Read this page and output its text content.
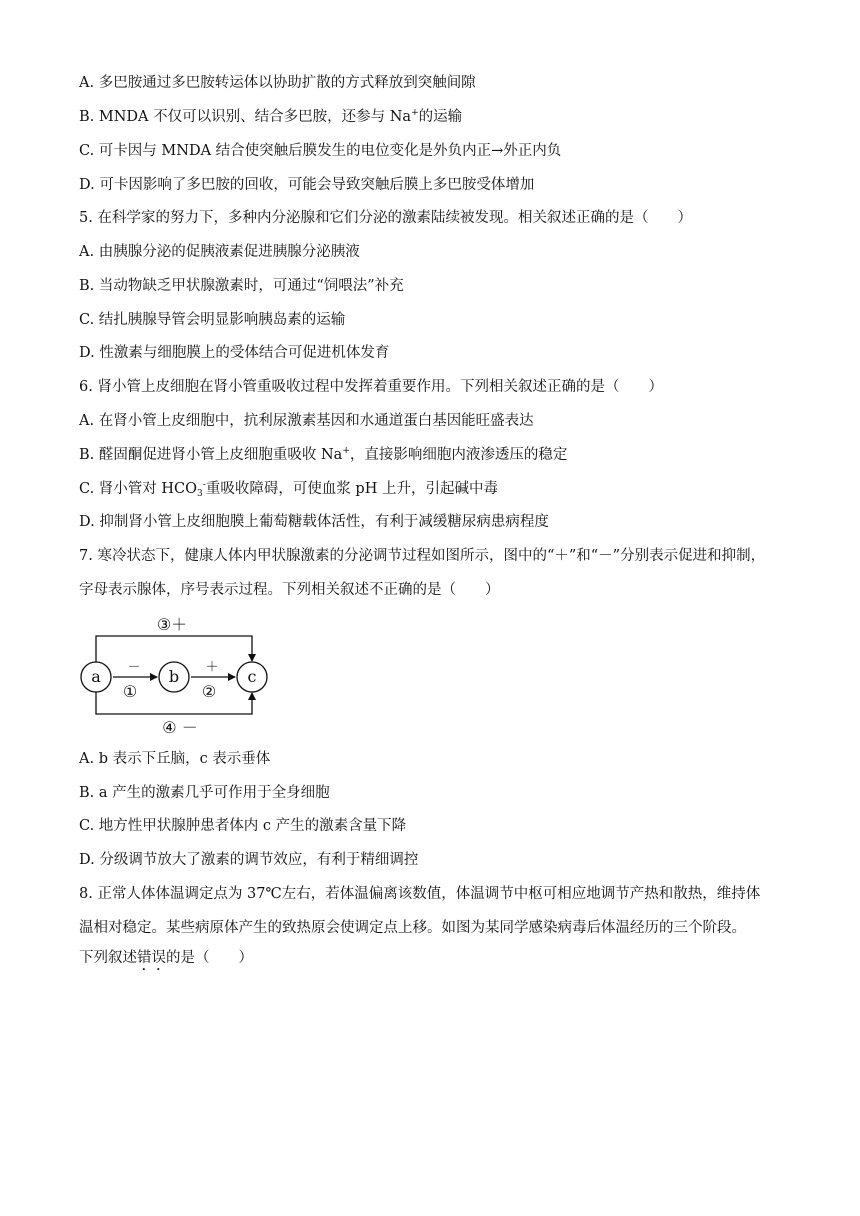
A. 多巴胺通过多巴胺转运体以协助扩散的方式释放到突触间隙
B. MNDA 不仅可以识别、结合多巴胺，还参与 Na+的运输
C. 可卡因与 MNDA 结合使突触后膜发生的电位变化是外负内正→外正内负
D. 可卡因影响了多巴胺的回收，可能会导致突触后膜上多巴胺受体增加
5. 在科学家的努力下，多种内分泌腺和它们分泌的激素陆续被发现。相关叙述正确的是（　　）
A. 由胰腺分泌的促胰液素促进胰腺分泌胰液
B. 当动物缺乏甲状腺激素时，可通过“饲喂法”补充
C. 结扎胰腺导管会明显影响胰岛素的运输
D. 性激素与细胞膜上的受体结合可促进机体发育
6. 肾小管上皮细胞在肾小管重吸收过程中发挥着重要作用。下列相关叙述正确的是（　　）
A. 在肾小管上皮细胞中，抗利尿激素基因和水通道蛋白基因能旺盛表达
B. 醛固酮促进肾小管上皮细胞重吸收 Na+，直接影响细胞内液渗透压的稳定
C. 肾小管对 $HCO_3^-$重吸收障碍，可使血浆 pH 上升，引起碱中毒
D. 抑制肾小管上皮细胞膜上葡萄糖载体活性，有利于减缓糖尿病患病程度
7. 寒冷状态下，健康人体内甲状腺激素的分泌调节过程如图所示，图中的“＋”和“－”分别表示促进和抑制，
字母表示腺体，序号表示过程。下列相关叙述不正确的是（　　）
a	b	c
③＋
－
①
＋
②
④ －
A. b 表示下丘脑，c 表示垂体
B. a 产生的激素几乎可作用于全身细胞
C. 地方性甲状腺肿患者体内 c 产生的激素含量下降
D. 分级调节放大了激素的调节效应，有利于精细调控
8. 正常人体体温调定点为 37℃左右，若体温偏离该数值，体温调节中枢可相应地调节产热和散热，维持体
温相对稳定。某些病原体产生的致热原会使调定点上移。如图为某同学感染病毒后体温经历的三个阶段。
下列叙述错误的是（　　）
